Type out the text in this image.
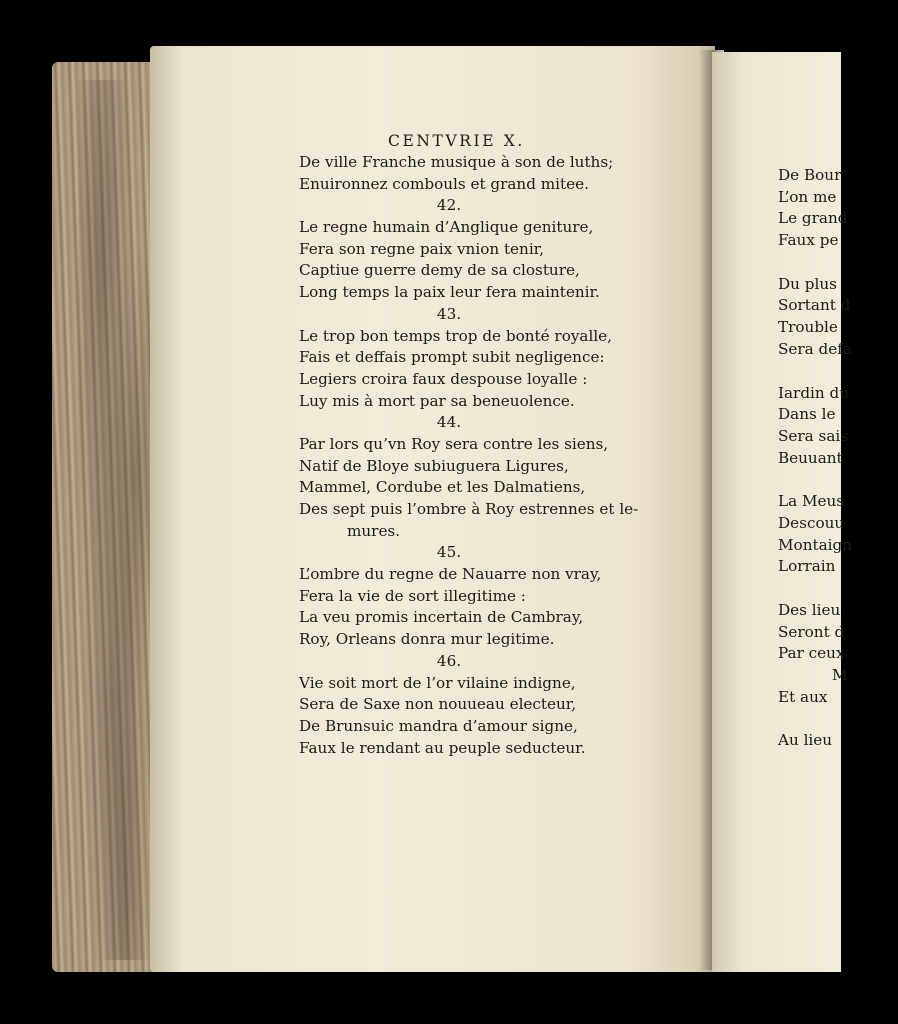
CENTVRIE X.
De ville Franche musique à son de luths;
Enuironnez combouls et grand mitee.
42.
Le regne humain d’Anglique geniture,
Fera son regne paix vnion tenir,
Captiue guerre demy de sa closture,
Long temps la paix leur fera maintenir.
43.
Le trop bon temps trop de bonté royalle,
Fais et deffais prompt subit negligence:
Legiers croira faux despouse loyalle :
Luy mis à mort par sa beneuolence.
44.
Par lors qu’vn Roy sera contre les siens,
Natif de Bloye subiuguera Ligures,
Mammel, Cordube et les Dalmatiens,
Des sept puis l’ombre à Roy estrennes et le-
mures.
45.
L’ombre du regne de Nauarre non vray,
Fera la vie de sort illegitime :
La veu promis incertain de Cambray,
Roy, Orleans donra mur legitime.
46.
Vie soit mort de l’or vilaine indigne,
Sera de Saxe non nouueau electeur,
De Brunsuic mandra d’amour signe,
Faux le rendant au peuple seducteur.
De Bour
L’on me
Le grand
Faux pe
Du plus
Sortant d
Trouble
Sera defa
Iardin du
Dans le
Sera sais
Beuuant
La Meus
Descouu
Montaign
Lorrain
Des lieu
Seront d
Par ceux
M
Et aux
Au lieu
